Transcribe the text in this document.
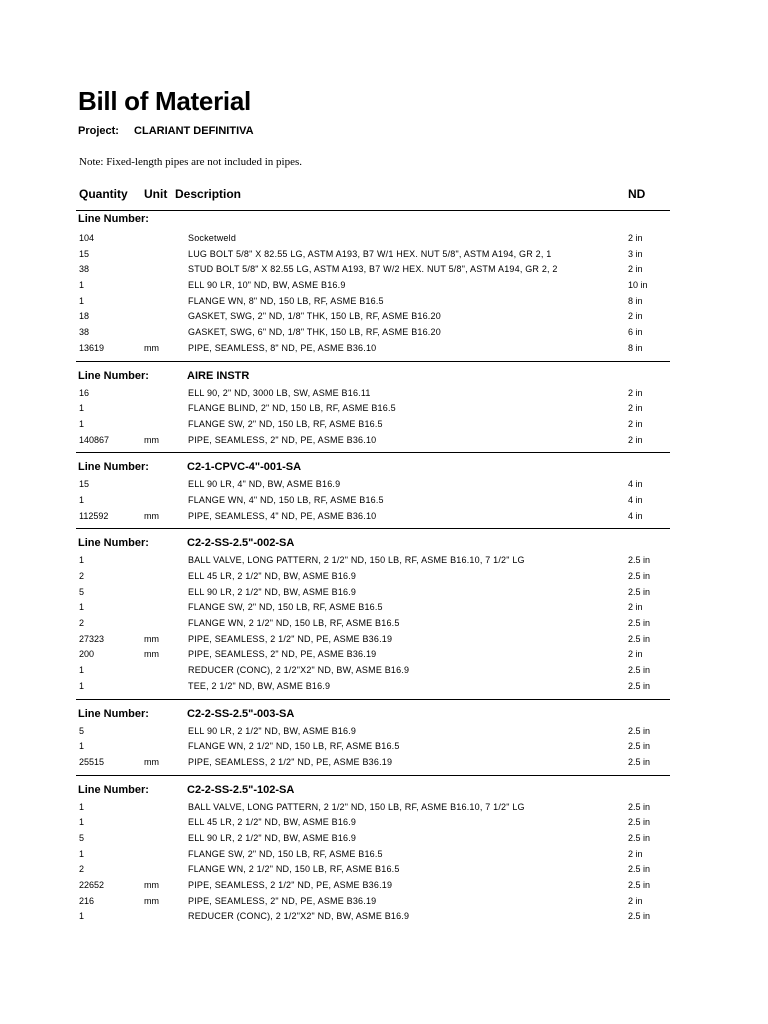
Bill of Material
Project: CLARIANT DEFINITIVA
Note: Fixed-length pipes are not included in pipes.
Quantity Unit Description	ND
Line Number:
104	Socketweld	2 in
15	LUG BOLT 5/8" X 82.55 LG, ASTM A193, B7 W/1 HEX. NUT 5/8", ASTM A194, GR 2, 1	3 in
38	STUD BOLT 5/8" X 82.55 LG, ASTM A193, B7 W/2 HEX. NUT 5/8", ASTM A194, GR 2, 2	2 in
1	ELL 90 LR, 10" ND, BW, ASME B16.9	10 in
1	FLANGE WN, 8" ND, 150 LB, RF, ASME B16.5	8 in
18	GASKET, SWG, 2" ND, 1/8" THK, 150 LB, RF, ASME B16.20	2 in
38	GASKET, SWG, 6" ND, 1/8" THK, 150 LB, RF, ASME B16.20	6 in
13619	mm	PIPE, SEAMLESS, 8" ND, PE, ASME B36.10	8 in
Line Number:	AIRE INSTR
16	ELL 90, 2" ND, 3000 LB, SW, ASME B16.11	2 in
1	FLANGE BLIND, 2" ND, 150 LB, RF, ASME B16.5	2 in
1	FLANGE SW, 2" ND, 150 LB, RF, ASME B16.5	2 in
140867	mm	PIPE, SEAMLESS, 2" ND, PE, ASME B36.10	2 in
Line Number:	C2-1-CPVC-4"-001-SA
15	ELL 90 LR, 4" ND, BW, ASME B16.9	4 in
1	FLANGE WN, 4" ND, 150 LB, RF, ASME B16.5	4 in
112592	mm	PIPE, SEAMLESS, 4" ND, PE, ASME B36.10	4 in
Line Number:	C2-2-SS-2.5"-002-SA
1	BALL VALVE, LONG PATTERN, 2 1/2" ND, 150 LB, RF, ASME B16.10, 7 1/2" LG	2.5 in
2	ELL 45 LR, 2 1/2" ND, BW, ASME B16.9	2.5 in
5	ELL 90 LR, 2 1/2" ND, BW, ASME B16.9	2.5 in
1	FLANGE SW, 2" ND, 150 LB, RF, ASME B16.5	2 in
2	FLANGE WN, 2 1/2" ND, 150 LB, RF, ASME B16.5	2.5 in
27323	mm	PIPE, SEAMLESS, 2 1/2" ND, PE, ASME B36.19	2.5 in
200	mm	PIPE, SEAMLESS, 2" ND, PE, ASME B36.19	2 in
1	REDUCER (CONC), 2 1/2"X2" ND, BW, ASME B16.9	2.5 in
1	TEE, 2 1/2" ND, BW, ASME B16.9	2.5 in
Line Number:	C2-2-SS-2.5"-003-SA
5	ELL 90 LR, 2 1/2" ND, BW, ASME B16.9	2.5 in
1	FLANGE WN, 2 1/2" ND, 150 LB, RF, ASME B16.5	2.5 in
25515	mm	PIPE, SEAMLESS, 2 1/2" ND, PE, ASME B36.19	2.5 in
Line Number:	C2-2-SS-2.5"-102-SA
1	BALL VALVE, LONG PATTERN, 2 1/2" ND, 150 LB, RF, ASME B16.10, 7 1/2" LG	2.5 in
1	ELL 45 LR, 2 1/2" ND, BW, ASME B16.9	2.5 in
5	ELL 90 LR, 2 1/2" ND, BW, ASME B16.9	2.5 in
1	FLANGE SW, 2" ND, 150 LB, RF, ASME B16.5	2 in
2	FLANGE WN, 2 1/2" ND, 150 LB, RF, ASME B16.5	2.5 in
22652	mm	PIPE, SEAMLESS, 2 1/2" ND, PE, ASME B36.19	2.5 in
216	mm	PIPE, SEAMLESS, 2" ND, PE, ASME B36.19	2 in
1	REDUCER (CONC), 2 1/2"X2" ND, BW, ASME B16.9	2.5 in
